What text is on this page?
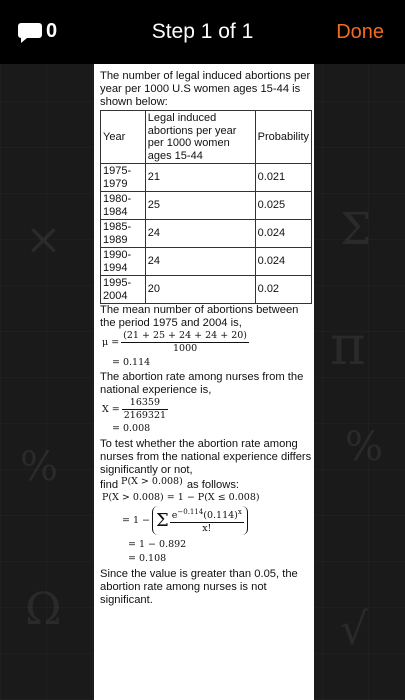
π
%
%
Ω
×	Σ
√
0	Step 1 of 1	Done

The number of legal induced abortions per year per 1000 U.S women ages 15-44 is shown below:

Year	Legal induced abortions per year per 1000 women ages 15-44	Probability
1975-1979	21	0.021
1980-1984	25	0.025
1985-1989	24	0.024
1990-1994	24	0.024
1995-2004	20	0.02

The mean number of abortions between the period 1975 and 2004 is,

$\mu = \frac{(21 + 25 + 24 + 24 + 20)}{1000}$
= 0.114

The abortion rate among nurses from the national experience is,

$X = \frac{16359}{2169321}$
= 0.008

To test whether the abortion rate among nurses from the national experience differs significantly or not,

find P(X > 0.008) as follows:
P(X > 0.008) = 1 − P(X ≤ 0.008)
= 1 − Σ $\frac{e^{-0.114}(0.114)^x}{x!}$
= 1 − 0.892
= 0.108

Since the value is greater than 0.05, the abortion rate among nurses is not significant.
